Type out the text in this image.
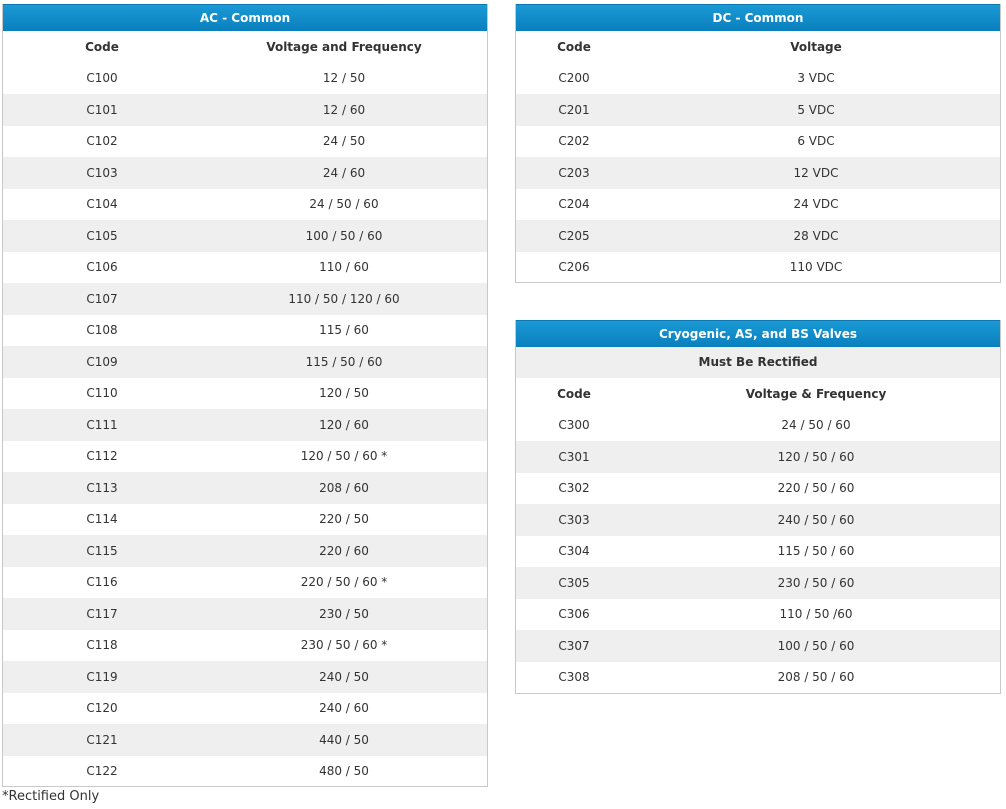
AC - Common
Code	Voltage and Frequency
C100	12 / 50
C101	12 / 60
C102	24 / 50
C103	24 / 60
C104	24 / 50 / 60
C105	100 / 50 / 60
C106	110 / 60
C107	110 / 50 / 120 / 60
C108	115 / 60
C109	115 / 50 / 60
C110	120 / 50
C111	120 / 60
C112	120 / 50 / 60 *
C113	208 / 60
C114	220 / 50
C115	220 / 60
C116	220 / 50 / 60 *
C117	230 / 50
C118	230 / 50 / 60 *
C119	240 / 50
C120	240 / 60
C121	440 / 50
C122	480 / 50
DC - Common
Code	Voltage
C200	3 VDC
C201	5 VDC
C202	6 VDC
C203	12 VDC
C204	24 VDC
C205	28 VDC
C206	110 VDC
Cryogenic, AS, and BS Valves
Must Be Rectified
Code	Voltage & Frequency
C300	24 / 50 / 60
C301	120 / 50 / 60
C302	220 / 50 / 60
C303	240 / 50 / 60
C304	115 / 50 / 60
C305	230 / 50 / 60
C306	110 / 50 /60
C307	100 / 50 / 60
C308	208 / 50 / 60
*Rectified Only
